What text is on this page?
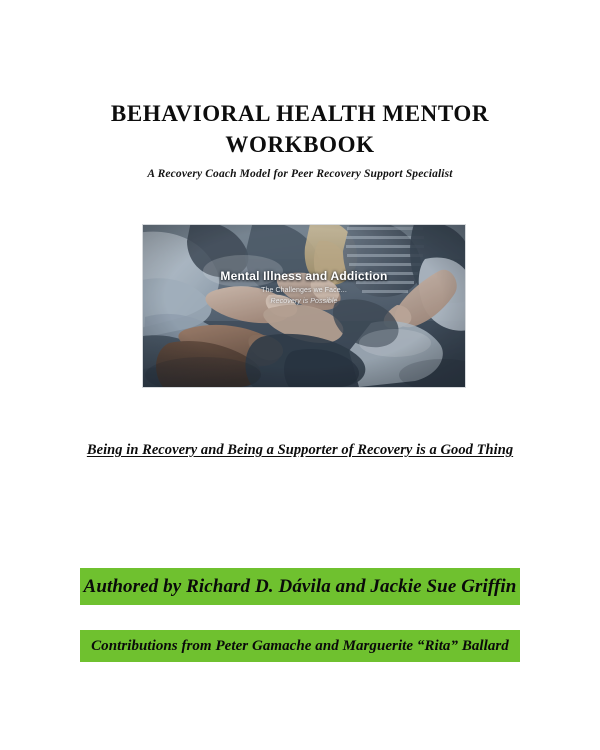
BEHAVIORAL HEALTH MENTOR
WORKBOOK
A Recovery Coach Model for Peer Recovery Support Specialist
Mental Illness and Addiction
The Challenges we Face...
Recovery is Possible
Being in Recovery and Being a Supporter of Recovery is a Good Thing
Authored by Richard D. Dávila and Jackie Sue Griffin
Contributions from Peter Gamache and Marguerite “Rita” Ballard
